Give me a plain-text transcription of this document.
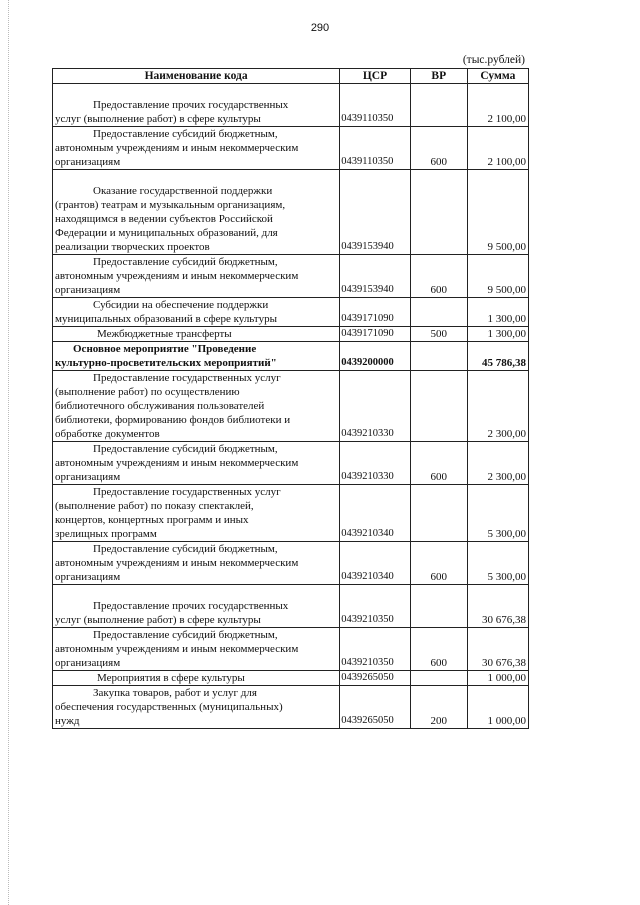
290
(тыс.рублей)
Наименование кода	ЦСР	ВР	Сумма

Предоставление прочих государственных
услуг (выполнение работ) в сфере культуры	0439110350		2 100,00

Предоставление субсидий бюджетным,
автономным учреждениям и иным некоммерческим
организациям	0439110350	600	2 100,00

Оказание государственной поддержки
(грантов) театрам и музыкальным организациям,
находящимся в ведении субъектов Российской
Федерации и муниципальных образований, для
реализации творческих проектов	0439153940		9 500,00

Предоставление субсидий бюджетным,
автономным учреждениям и иным некоммерческим
организациям	0439153940	600	9 500,00

Субсидии на обеспечение поддержки
муниципальных образований в сфере культуры	0439171090		1 300,00

Межбюджетные трансферты	0439171090	500	1 300,00

Основное мероприятие "Проведение
культурно-просветительских мероприятий"	0439200000		45 786,38

Предоставление государственных услуг
(выполнение работ) по осуществлению
библиотечного обслуживания пользователей
библиотеки, формированию фондов библиотеки и
обработке документов	0439210330		2 300,00

Предоставление субсидий бюджетным,
автономным учреждениям и иным некоммерческим
организациям	0439210330	600	2 300,00

Предоставление государственных услуг
(выполнение работ) по показу спектаклей,
концертов, концертных программ и иных
зрелищных программ	0439210340		5 300,00

Предоставление субсидий бюджетным,
автономным учреждениям и иным некоммерческим
организациям	0439210340	600	5 300,00

Предоставление прочих государственных
услуг (выполнение работ) в сфере культуры	0439210350		30 676,38

Предоставление субсидий бюджетным,
автономным учреждениям и иным некоммерческим
организациям	0439210350	600	30 676,38

Мероприятия в сфере культуры	0439265050		1 000,00

Закупка товаров, работ и услуг для
обеспечения государственных (муниципальных)
нужд	0439265050	200	1 000,00
